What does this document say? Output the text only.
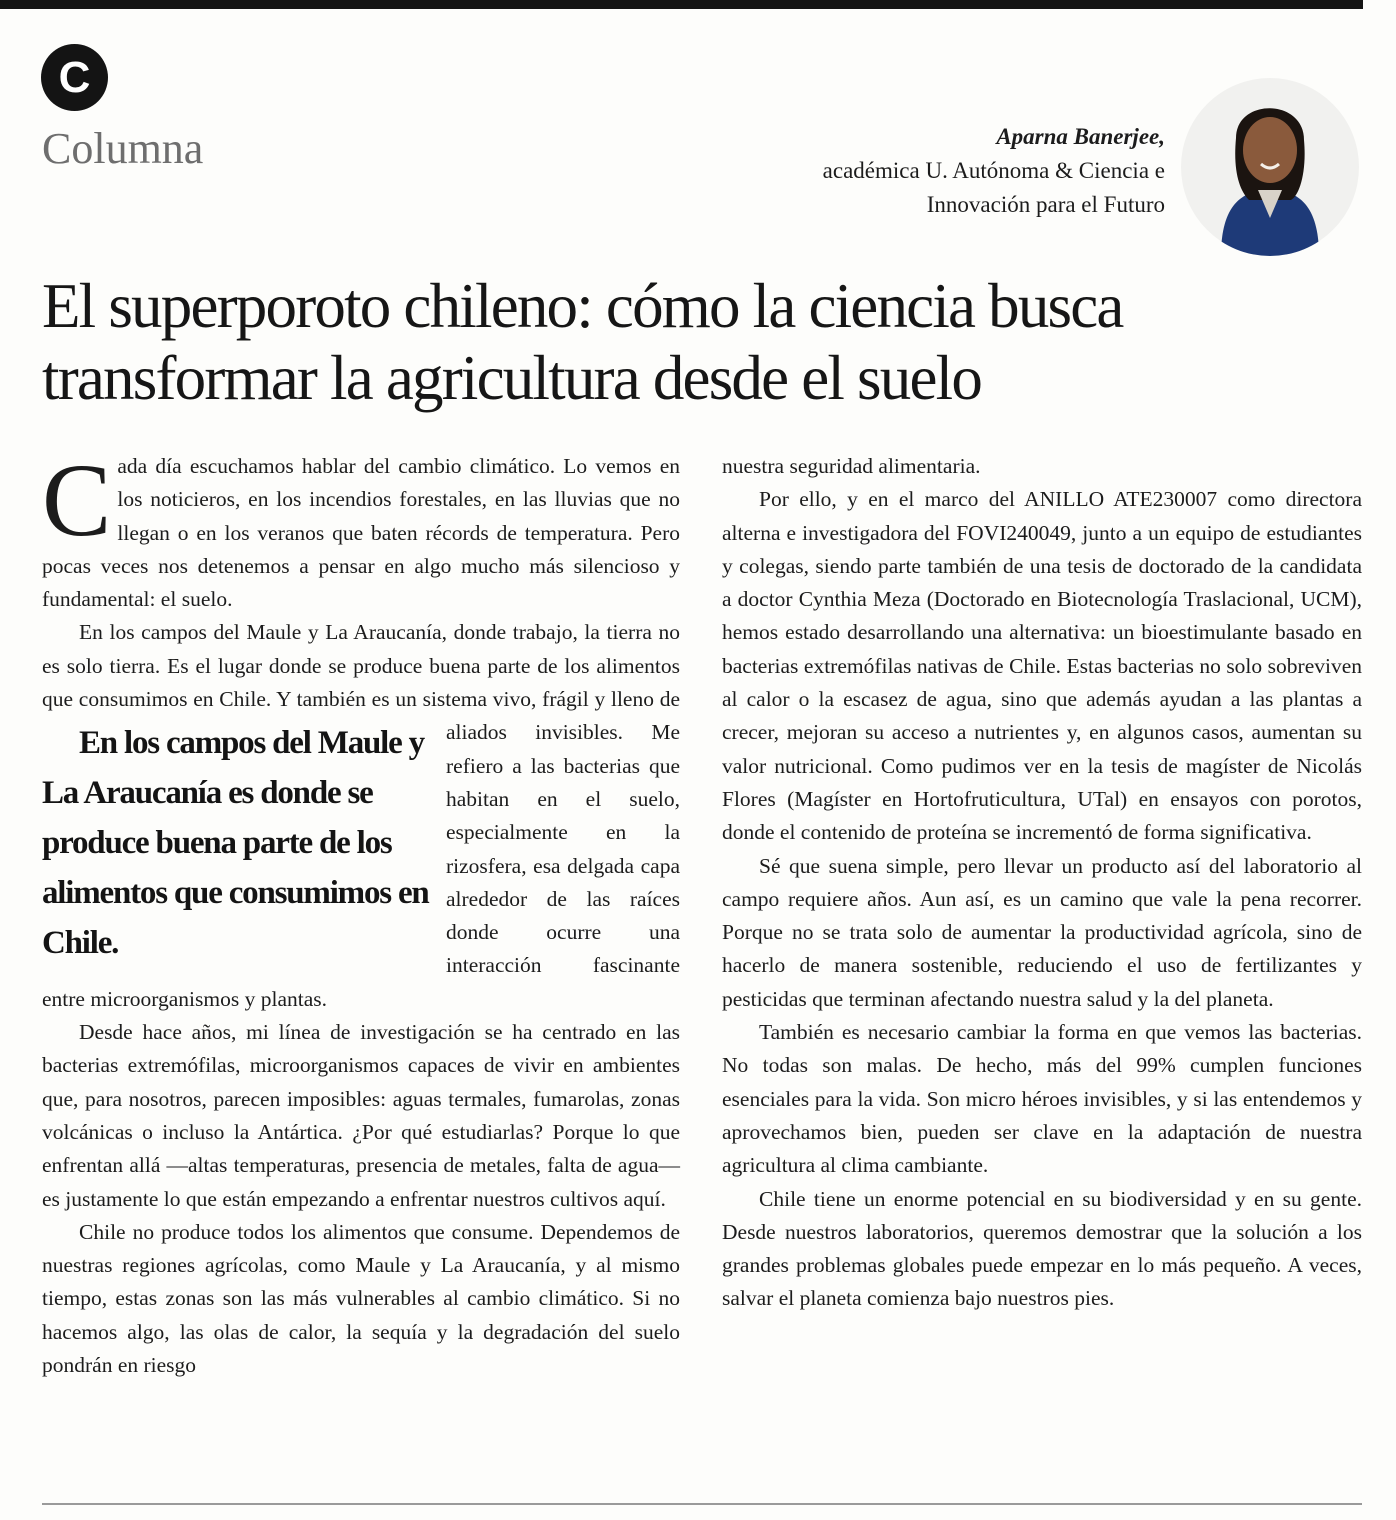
C
Columna	Aparna Banerjee,
académica U. Autónoma & Ciencia e
Innovación para el Futuro
El superporoto chileno: cómo la ciencia busca transformar la agricultura desde el suelo

Cada día escuchamos hablar del cambio climático. Lo vemos en los noticieros, en los incendios forestales, en las lluvias que no llegan o en los veranos que baten récords de temperatura. Pero pocas veces nos detenemos a pensar en algo mucho más silencioso y fundamental: el suelo.

En los campos del Maule y La Araucanía, donde trabajo, la tierra no es solo tierra. Es el lugar donde se produce buena parte de los alimentos que consumimos en Chile. Y también es un sistema vivo, frágil y lleno de aliados invisibles. Me
En los campos del Maule y La Araucanía es donde se produce buena parte de los alimentos que consumimos en Chile.
refiero a las bacterias que habitan en el suelo, especialmente en la rizosfera, esa delgada capa alrededor de las raíces donde ocurre una interacción fascinante entre microorganismos y plantas.

Desde hace años, mi línea de investigación se ha centrado en las bacterias extremófilas, microorganismos capaces de vivir en ambientes que, para nosotros, parecen imposibles: aguas termales, fumarolas, zonas volcánicas o incluso la Antártica. ¿Por qué estudiarlas? Porque lo que enfrentan allá —altas temperaturas, presencia de metales, falta de agua— es justamente lo que están empezando a enfrentar nuestros cultivos aquí.

Chile no produce todos los alimentos que consume. Dependemos de nuestras regiones agrícolas, como Maule y La Araucanía, y al mismo tiempo, estas zonas son las más vulnerables al cambio climático. Si no hacemos algo, las olas de calor, la sequía y la degradación del suelo pondrán en riesgo

nuestra seguridad alimentaria.

Por ello, y en el marco del ANILLO ATE230007 como directora alterna e investigadora del FOVI240049, junto a un equipo de estudiantes y colegas, siendo parte también de una tesis de doctorado de la candidata a doctor Cynthia Meza (Doctorado en Biotecnología Traslacional, UCM), hemos estado desarrollando una alternativa: un bioestimulante basado en bacterias extremófilas nativas de Chile. Estas bacterias no solo sobreviven al calor o la escasez de agua, sino que además ayudan a las plantas a crecer, mejoran su acceso a nutrientes y, en algunos casos, aumentan su valor nutricional. Como pudimos ver en la tesis de magíster de Nicolás Flores (Magíster en Hortofruticultura, UTal) en ensayos con porotos, donde el contenido de proteína se incrementó de forma significativa.

Sé que suena simple, pero llevar un producto así del laboratorio al campo requiere años. Aun así, es un camino que vale la pena recorrer. Porque no se trata solo de aumentar la productividad agrícola, sino de hacerlo de manera sostenible, reduciendo el uso de fertilizantes y pesticidas que terminan afectando nuestra salud y la del planeta.

También es necesario cambiar la forma en que vemos las bacterias. No todas son malas. De hecho, más del 99% cumplen funciones esenciales para la vida. Son micro héroes invisibles, y si las entendemos y aprovechamos bien, pueden ser clave en la adaptación de nuestra agricultura al clima cambiante.

Chile tiene un enorme potencial en su biodiversidad y en su gente. Desde nuestros laboratorios, queremos demostrar que la solución a los grandes problemas globales puede empezar en lo más pequeño. A veces, salvar el planeta comienza bajo nuestros pies.
